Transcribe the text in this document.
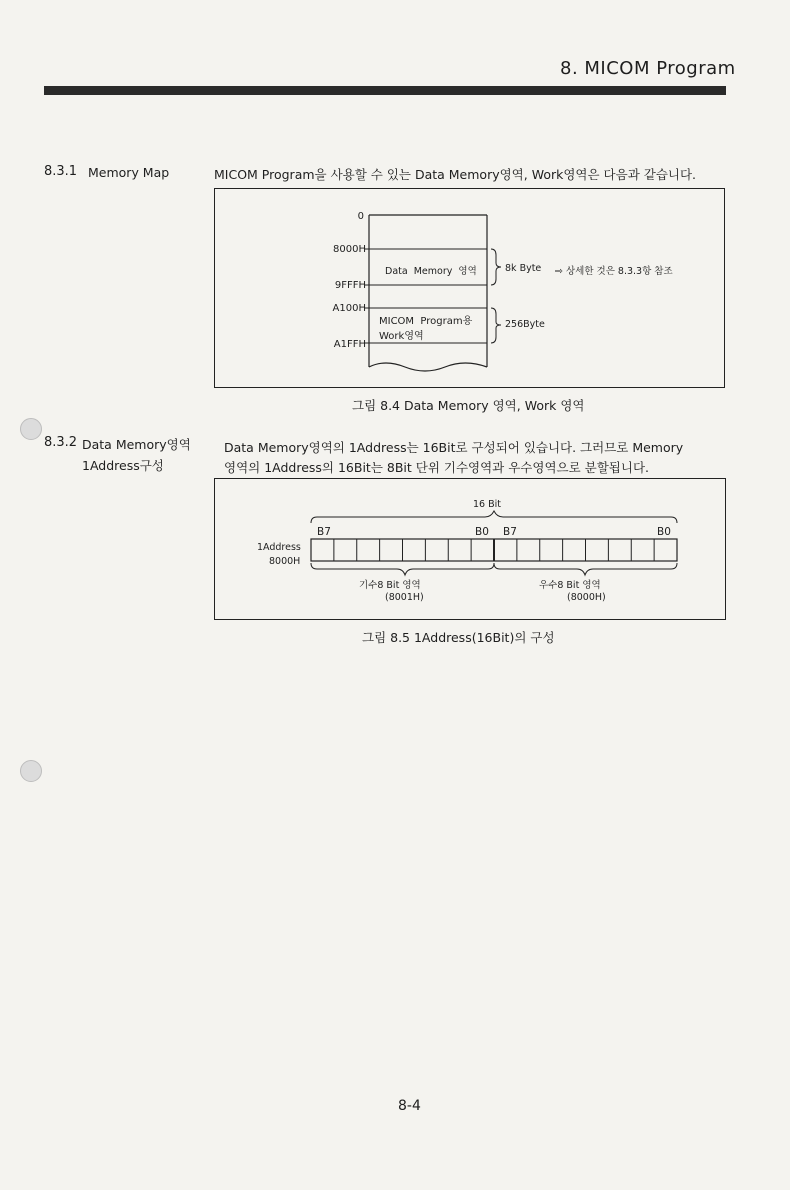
8. MICOM Program
8.3.1 Memory Map	MICOM Program을 사용할 수 있는 Data Memory영역, Work영역은 다음과 같습니다.
0
8000H
9FFFH
A100H
A1FFH
Data  Memory  영역
MICOM  Program용
Work영역
8k Byte ⇨ 상세한 것은 8.3.3항 참조
256Byte
그림 8.4 Data Memory 영역, Work 영역
8.3.2 Data Memory영역
1Address구성
Data Memory영역의 1Address는 16Bit로 구성되어 있습니다. 그러므로 Memory
영역의 1Address의 16Bit는 8Bit 단위 기수영역과 우수영역으로 분할됩니다.
16 Bit
B7	B0 B7	B0
1Address
8000H
기수8 Bit 영역
(8001H)
우수8 Bit 영역
(8000H)
그림 8.5 1Address(16Bit)의 구성
8-4
